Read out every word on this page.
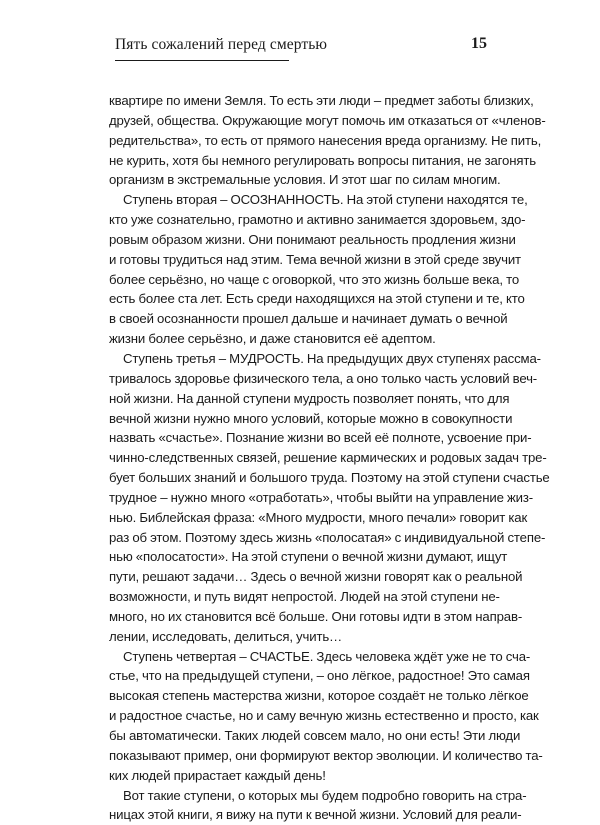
Пять сожалений перед смертью	15
квартире по имени Земля. То есть эти люди – предмет заботы близких,
друзей, общества. Окружающие могут помочь им отказаться от «членов-
редительства», то есть от прямого нанесения вреда организму. Не пить,
не курить, хотя бы немного регулировать вопросы питания, не загонять
организм в экстремальные условия. И этот шаг по силам многим.
Ступень вторая – ОСОЗНАННОСТЬ. На этой ступени находятся те,
кто уже сознательно, грамотно и активно занимается здоровьем, здо-
ровым образом жизни. Они понимают реальность продления жизни
и готовы трудиться над этим. Тема вечной жизни в этой среде звучит
более серьёзно, но чаще с оговоркой, что это жизнь больше века, то
есть более ста лет. Есть среди находящихся на этой ступени и те, кто
в своей осознанности прошел дальше и начинает думать о вечной
жизни более серьёзно, и даже становится её адептом.
Ступень третья – МУДРОСТЬ. На предыдущих двух ступенях рассма-
тривалось здоровье физического тела, а оно только часть условий веч-
ной жизни. На данной ступени мудрость позволяет понять, что для
вечной жизни нужно много условий, которые можно в совокупности
назвать «счастье». Познание жизни во всей её полноте, усвоение при-
чинно-следственных связей, решение кармических и родовых задач тре-
бует больших знаний и большого труда. Поэтому на этой ступени счастье
трудное – нужно много «отработать», чтобы выйти на управление жиз-
нью. Библейская фраза: «Много мудрости, много печали» говорит как
раз об этом. Поэтому здесь жизнь «полосатая» с индивидуальной степе-
нью «полосатости». На этой ступени о вечной жизни думают, ищут
пути, решают задачи… Здесь о вечной жизни говорят как о реальной
возможности, и путь видят непростой. Людей на этой ступени не-
много, но их становится всё больше. Они готовы идти в этом направ-
лении, исследовать, делиться, учить…
Ступень четвертая – СЧАСТЬЕ. Здесь человека ждёт уже не то сча-
стье, что на предыдущей ступени, – оно лёгкое, радостное! Это самая
высокая степень мастерства жизни, которое создаёт не только лёгкое
и радостное счастье, но и саму вечную жизнь естественно и просто, как
бы автоматически. Таких людей совсем мало, но они есть! Эти люди
показывают пример, они формируют вектор эволюции. И количество та-
ких людей прирастает каждый день!
Вот такие ступени, о которых мы будем подробно говорить на стра-
ницах этой книги, я вижу на пути к вечной жизни. Условий для реали-
